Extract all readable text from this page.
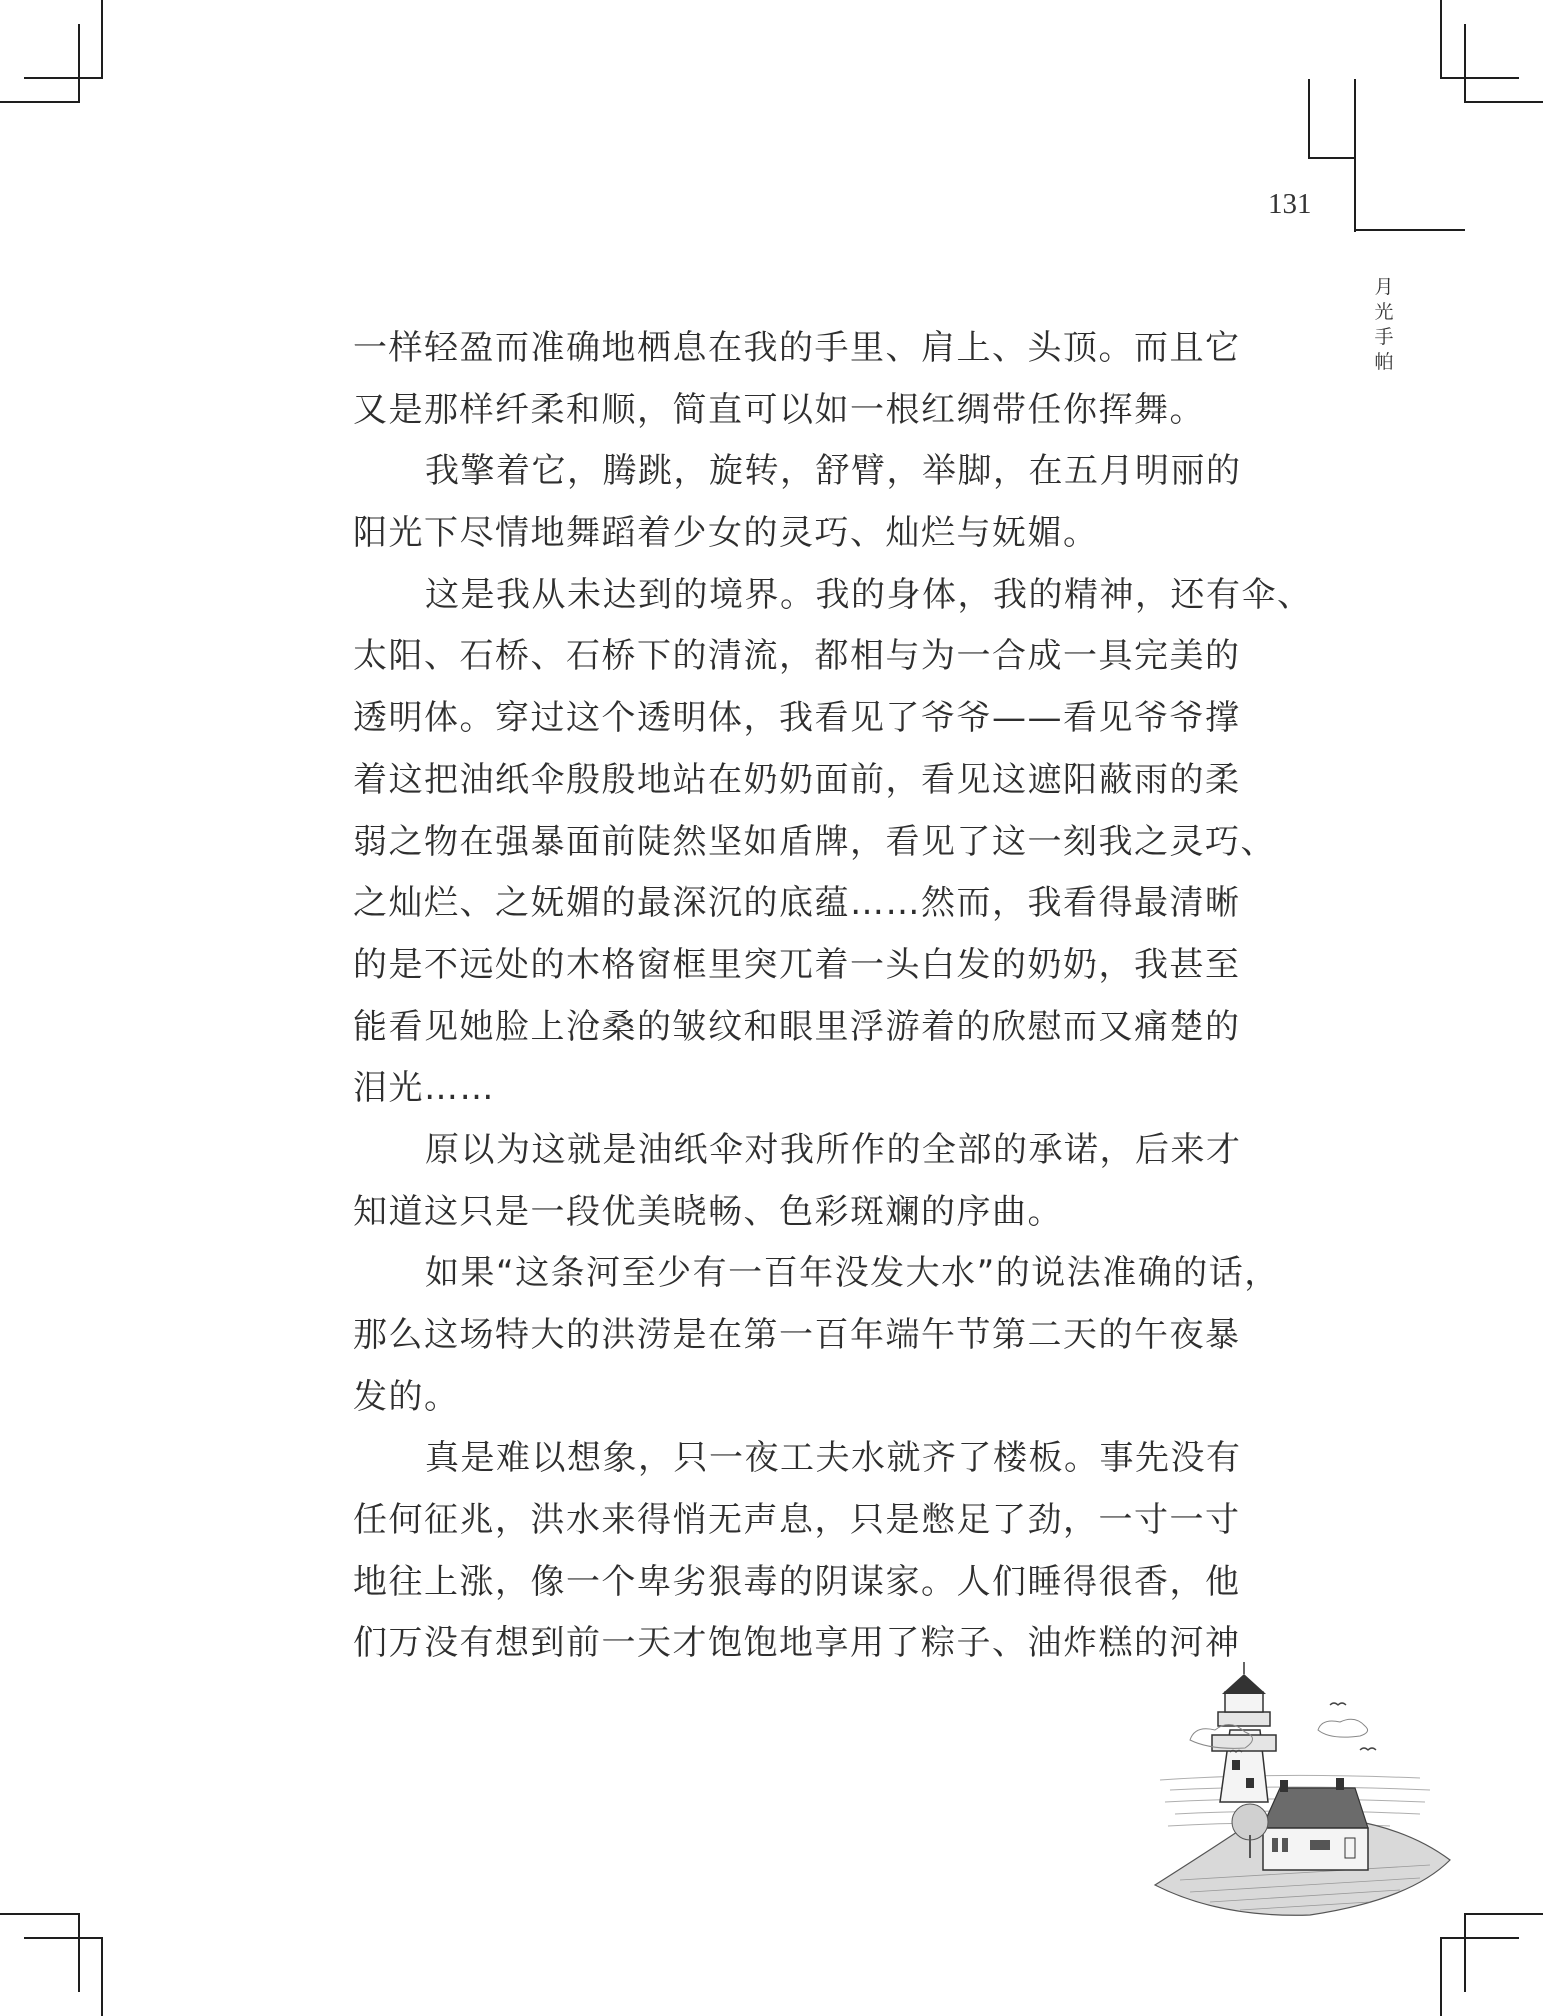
131
月光手帕
一样轻盈而准确地栖息在我的手里、肩上、头顶。而且它
又是那样纤柔和顺，简直可以如一根红绸带任你挥舞。
我擎着它，腾跳，旋转，舒臂，举脚，在五月明丽的
阳光下尽情地舞蹈着少女的灵巧、灿烂与妩媚。
这是我从未达到的境界。我的身体，我的精神，还有伞、
太阳、石桥、石桥下的清流，都相与为一合成一具完美的
透明体。穿过这个透明体，我看见了爷爷——看见爷爷撑
着这把油纸伞殷殷地站在奶奶面前，看见这遮阳蔽雨的柔
弱之物在强暴面前陡然坚如盾牌，看见了这一刻我之灵巧、
之灿烂、之妩媚的最深沉的底蕴……然而，我看得最清晰
的是不远处的木格窗框里突兀着一头白发的奶奶，我甚至
能看见她脸上沧桑的皱纹和眼里浮游着的欣慰而又痛楚的
泪光……
原以为这就是油纸伞对我所作的全部的承诺，后来才
知道这只是一段优美晓畅、色彩斑斓的序曲。
如果“这条河至少有一百年没发大水”的说法准确的话，
那么这场特大的洪涝是在第一百年端午节第二天的午夜暴
发的。
真是难以想象，只一夜工夫水就齐了楼板。事先没有
任何征兆，洪水来得悄无声息，只是憋足了劲，一寸一寸
地往上涨，像一个卑劣狠毒的阴谋家。人们睡得很香，他
们万没有想到前一天才饱饱地享用了粽子、油炸糕的河神
